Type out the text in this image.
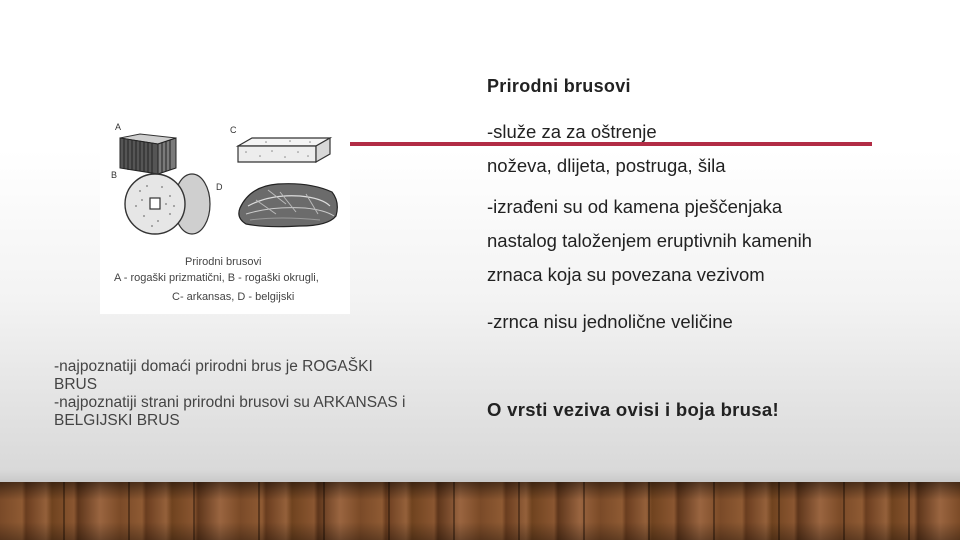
A	C
B
D
Prirodni brusovi
A - rogaški prizmatični, B - rogaški okrugli,
C- arkansas, D - belgijski

-najpoznatiji domaći prirodni brus je ROGAŠKI BRUS

-najpoznatiji strani prirodni brusovi su ARKANSAS i BELGIJSKI BRUS

Prirodni brusovi
-služe za za oštrenje
noževa, dlijeta, postruga, šila
-izrađeni su od kamena pješčenjaka
nastalog taloženjem eruptivnih kamenih
zrnaca koja su povezana vezivom
-zrnca nisu jednolične veličine
O vrsti veziva ovisi i boja brusa!
